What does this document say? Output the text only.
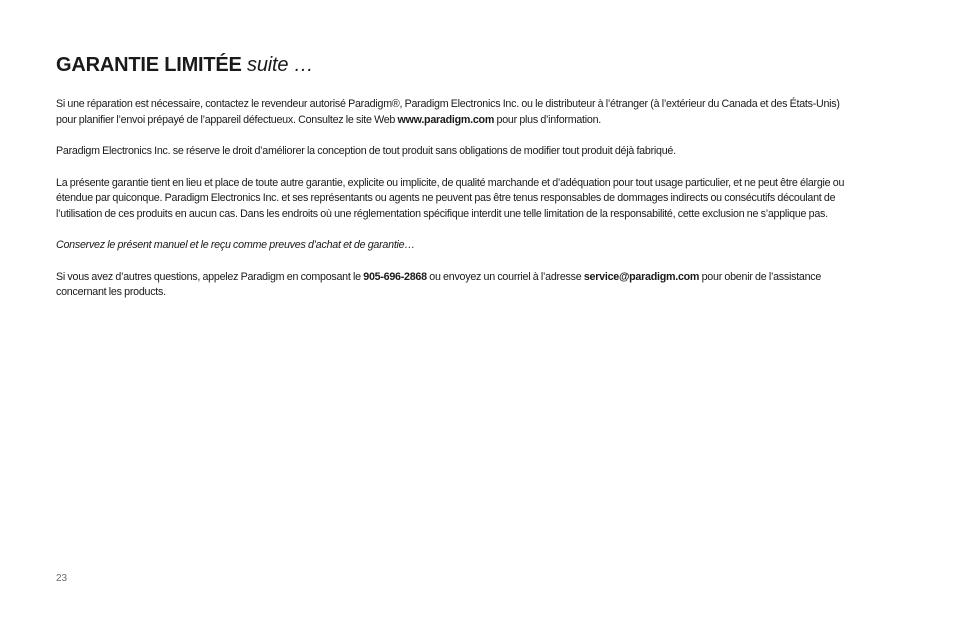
GARANTIE LIMITÉE suite …

Si une réparation est nécessaire, contactez le revendeur autorisé Paradigm®, Paradigm Electronics Inc. ou le distributeur à l’étranger (à l’extérieur du Canada et des États-Unis) pour planifier l’envoi prépayé de l’appareil défectueux. Consultez le site Web www.paradigm.com pour plus d’information.

Paradigm Electronics Inc. se réserve le droit d’améliorer la conception de tout produit sans obligations de modifier tout produit déjà fabriqué.

La présente garantie tient en lieu et place de toute autre garantie, explicite ou implicite, de qualité marchande et d’adéquation pour tout usage particulier, et ne peut être élargie ou étendue par quiconque. Paradigm Electronics Inc. et ses représentants ou agents ne peuvent pas être tenus responsables de dommages indirects ou consécutifs découlant de l’utilisation de ces produits en aucun cas. Dans les endroits où une réglementation spécifique interdit une telle limitation de la responsabilité, cette exclusion ne s’applique pas.

Conservez le présent manuel et le reçu comme preuves d’achat et de garantie…

Si vous avez d’autres questions, appelez Paradigm en composant le 905-696-2868 ou envoyez un courriel à l’adresse service@paradigm.com pour obenir de l’assistance concernant les products.

23
